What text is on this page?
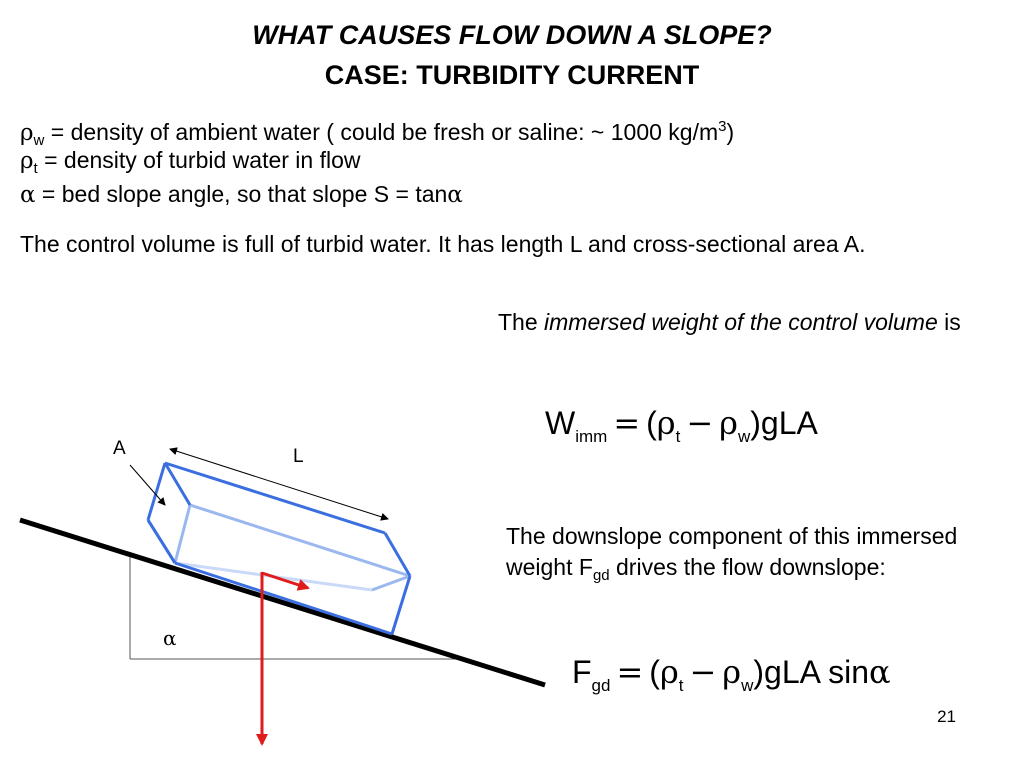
WHAT CAUSES FLOW DOWN A SLOPE?
CASE: TURBIDITY CURRENT
$\rho_w$ = density of ambient water ( could be fresh or saline: ~ 1000 $kg/m^3$)
$\rho_t$ = density of turbid water in flow
α = bed slope angle, so that slope S = tanα
The control volume is full of turbid water. It has length L and cross-sectional area A.
The immersed weight of the control volume is
$W_{imm} = (\rho_t - \rho_w)gLA$
The downslope component of this immersed weight $F_{gd}$ drives the flow downslope:
$F_{gd} = (\rho_t - \rho_w)gLA$ sinα
A	L
α
21
